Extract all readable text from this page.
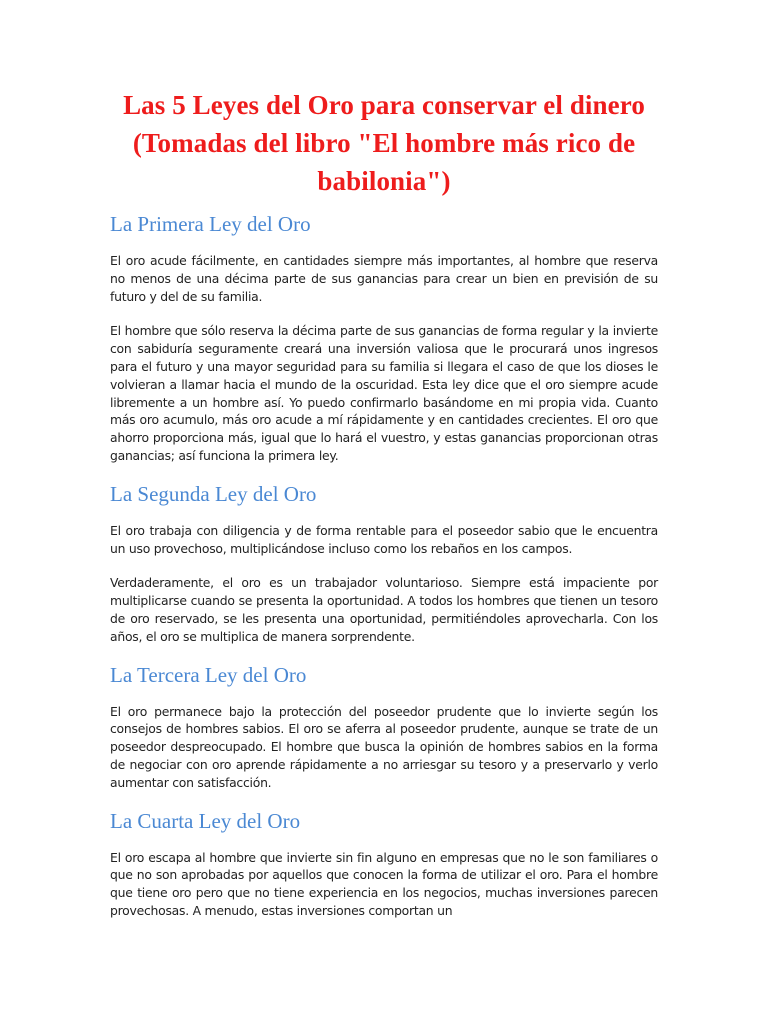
Las 5 Leyes del Oro para conservar el dinero (Tomadas del libro "El hombre más rico de babilonia")
La Primera Ley del Oro

El oro acude fácilmente, en cantidades siempre más importantes, al hombre que reserva no menos de una décima parte de sus ganancias para crear un bien en previsión de su futuro y del de su familia.

El hombre que sólo reserva la décima parte de sus ganancias de forma regular y la invierte con sabiduría seguramente creará una inversión valiosa que le procurará unos ingresos para el futuro y una mayor seguridad para su familia si llegara el caso de que los dioses le volvieran a llamar hacia el mundo de la oscuridad. Esta ley dice que el oro siempre acude libremente a un hombre así. Yo puedo confirmarlo basándome en mi propia vida. Cuanto más oro acumulo, más oro acude a mí rápidamente y en cantidades crecientes. El oro que ahorro proporciona más, igual que lo hará el vuestro, y estas ganancias proporcionan otras ganancias; así funciona la primera ley.

La Segunda Ley del Oro

El oro trabaja con diligencia y de forma rentable para el poseedor sabio que le encuentra un uso provechoso, multiplicándose incluso como los rebaños en los campos.

Verdaderamente, el oro es un trabajador voluntarioso. Siempre está impaciente por multiplicarse cuando se presenta la oportunidad. A todos los hombres que tienen un tesoro de oro reservado, se les presenta una oportunidad, permitiéndoles aprovecharla. Con los años, el oro se multiplica de manera sorprendente.

La Tercera Ley del Oro

El oro permanece bajo la protección del poseedor prudente que lo invierte según los consejos de hombres sabios. El oro se aferra al poseedor prudente, aunque se trate de un poseedor despreocupado. El hombre que busca la opinión de hombres sabios en la forma de negociar con oro aprende rápidamente a no arriesgar su tesoro y a preservarlo y verlo aumentar con satisfacción.

La Cuarta Ley del Oro

El oro escapa al hombre que invierte sin fin alguno en empresas que no le son familiares o que no son aprobadas por aquellos que conocen la forma de utilizar el oro. Para el hombre que tiene oro pero que no tiene experiencia en los negocios, muchas inversiones parecen provechosas. A menudo, estas inversiones comportan un
